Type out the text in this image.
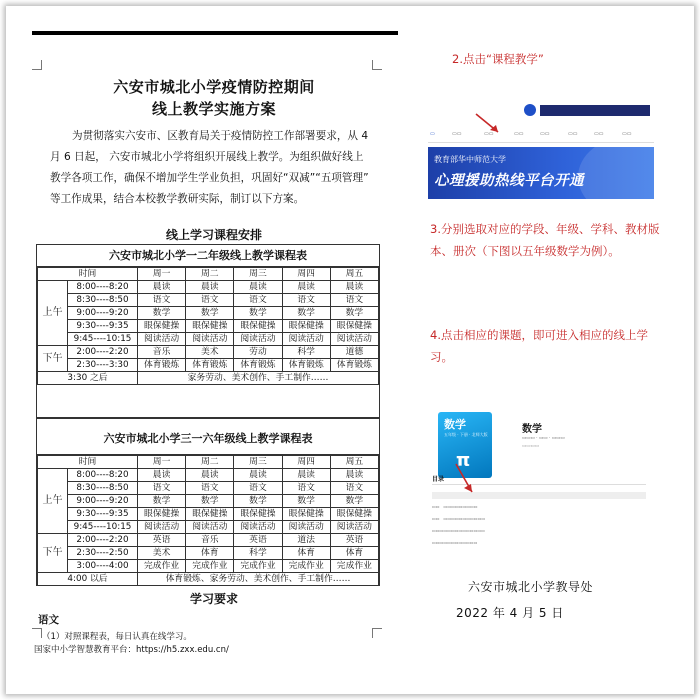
六安市城北小学疫情防控期间
线上教学实施方案
为贯彻落实六安市、区教育局关于疫情防控工作部署要求，从 4
月 6 日起， 六安市城北小学将组织开展线上教学。为组织做好线上
教学各项工作，确保不增加学生学业负担，巩固好“双减”“五项管理”
等工作成果，结合本校教学教研实际，制订以下方案。
线上学习课程安排
六安市城北小学一二年级线上教学课程表
时间		周一	周二	周三	周四	周五
上午	8:00----8:20	晨读	晨读	晨读	晨读	晨读
	8:30----8:50	语文	语文	语文	语文	语文
	9:00----9:20	数学	数学	数学	数学	数学
	9:30----9:35	眼保健操	眼保健操	眼保健操	眼保健操	眼保健操
	9:45----10:15	阅读活动	阅读活动	阅读活动	阅读活动	阅读活动
下午	2:00----2:20	音乐	美术	劳动	科学	道德
	2:30----3:30	体育锻炼	体育锻炼	体育锻炼	体育锻炼	体育锻炼
3:30 之后		家务劳动、美术创作、手工制作……				
六安市城北小学三一六年级线上教学课程表
时间		周一	周二	周三	周四	周五
上午	8:00----8:20	晨读	晨读	晨读	晨读	晨读
	8:30----8:50	语文	语文	语文	语文	语文
	9:00----9:20	数学	数学	数学	数学	数学
	9:30----9:35	眼保健操	眼保健操	眼保健操	眼保健操	眼保健操
	9:45----10:15	阅读活动	阅读活动	阅读活动	阅读活动	阅读活动
下午	2:00----2:20	英语	音乐	英语	道法	英语
	2:30----2:50	美术	体育	科学	体育	体育
	3:00----4:00	完成作业	完成作业	完成作业	完成作业	完成作业
4:00 以后		体育锻炼、家务劳动、美术创作、手工制作……				
学习要求
语文
（1）对照课程表，每日认真在线学习。
国家中小学智慧教育平台：https://h5.zxx.edu.cn/
2.点击“课程教学”
▭	▭▭	▭▭	▭▭	▭▭	▭▭	▭▭	▭▭
教育部华中师范大学
心理援助热线平台开通
3.分别选取对应的学段、年级、学科、教材版本、册次（下图以五年级数学为例）。
4.点击相应的课题，即可进入相应的线上学习。
数学
五年级 · 下册 · 北师大版
π
数学
▭▭▭ · ▭▭ · ▭▭▭
▭▭▭▭
目录
▭▭　▭▭▭▭▭▭▭▭▭
▭▭　▭▭▭▭▭▭▭▭▭▭▭
▭▭▭▭▭▭▭▭▭▭▭▭▭▭
▭▭▭▭▭▭▭▭▭▭▭▭
六安市城北小学教导处
2022 年 4 月 5 日
